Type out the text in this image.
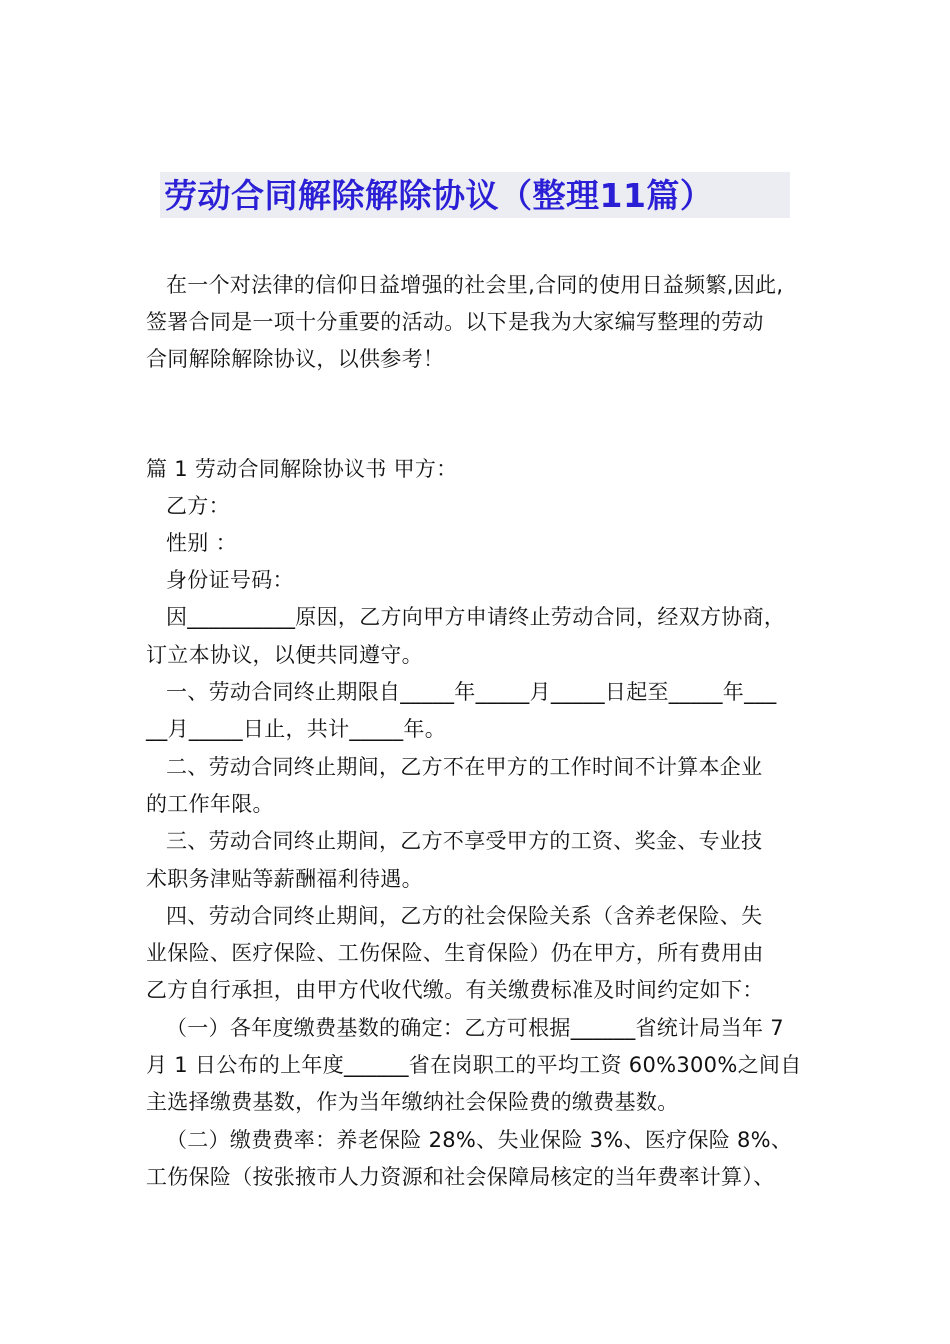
劳动合同解除解除协议（整理11篇）
在一个对法律的信仰日益增强的社会里,合同的使用日益频繁,因此,
签署合同是一项十分重要的活动。以下是我为大家编写整理的劳动
合同解除解除协议，以供参考！
篇 1 劳动合同解除协议书 甲方：
乙方：
性别 ：
身份证号码：
因__________原因，乙方向甲方申请终止劳动合同，经双方协商，
订立本协议，以便共同遵守。
一、劳动合同终止期限自_____年_____月_____日起至_____年___
__月_____日止，共计_____年。
二、劳动合同终止期间，乙方不在甲方的工作时间不计算本企业
的工作年限。
三、劳动合同终止期间，乙方不享受甲方的工资、奖金、专业技
术职务津贴等薪酬福利待遇。
四、劳动合同终止期间，乙方的社会保险关系（含养老保险、失
业保险、医疗保险、工伤保险、生育保险）仍在甲方，所有费用由
乙方自行承担，由甲方代收代缴。有关缴费标准及时间约定如下：
（一）各年度缴费基数的确定：乙方可根据______省统计局当年 7
月 1 日公布的上年度______省在岗职工的平均工资 60%300%之间自
主选择缴费基数，作为当年缴纳社会保险费的缴费基数。
（二）缴费费率：养老保险 28%、失业保险 3%、医疗保险 8%、
工伤保险（按张掖市人力资源和社会保障局核定的当年费率计算）、
